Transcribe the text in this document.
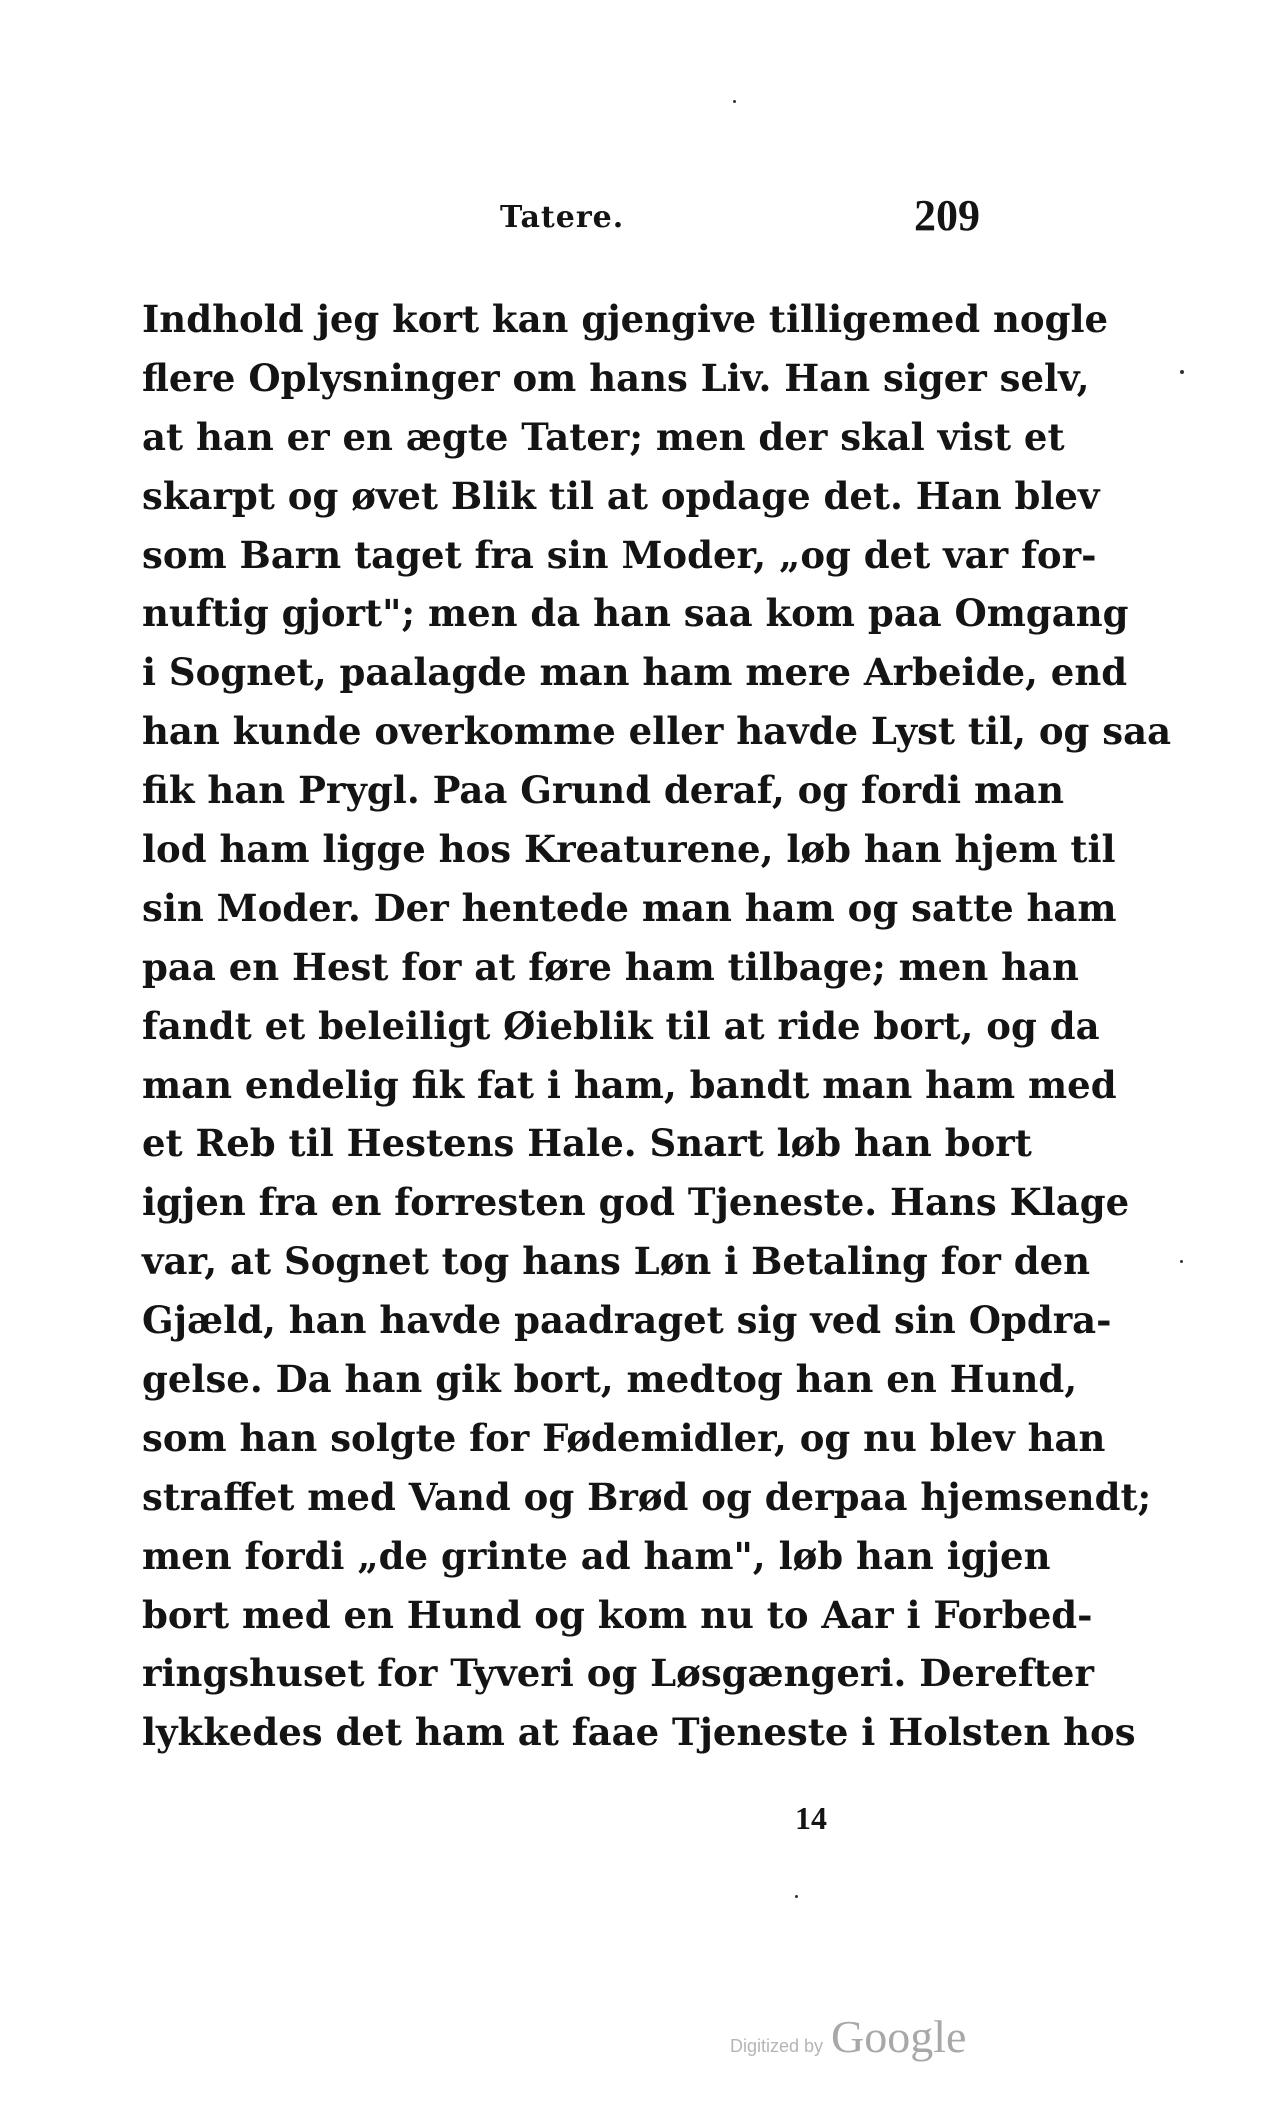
Tatere.	209
Indhold jeg kort kan gjengive tilligemed nogle
flere Oplysninger om hans Liv. Han siger selv,
at han er en ægte Tater; men der skal vist et
skarpt og øvet Blik til at opdage det. Han blev
som Barn taget fra sin Moder, „og det var for-
nuftig gjort"; men da han saa kom paa Omgang
i Sognet, paalagde man ham mere Arbeide, end
han kunde overkomme eller havde Lyst til, og saa
fik han Prygl. Paa Grund deraf, og fordi man
lod ham ligge hos Kreaturene, løb han hjem til
sin Moder. Der hentede man ham og satte ham
paa en Hest for at føre ham tilbage; men han
fandt et beleiligt Øieblik til at ride bort, og da
man endelig fik fat i ham, bandt man ham med
et Reb til Hestens Hale. Snart løb han bort
igjen fra en forresten god Tjeneste. Hans Klage
var, at Sognet tog hans Løn i Betaling for den
Gjæld, han havde paadraget sig ved sin Opdra-
gelse. Da han gik bort, medtog han en Hund,
som han solgte for Fødemidler, og nu blev han
straffet med Vand og Brød og derpaa hjemsendt;
men fordi „de grinte ad ham", løb han igjen
bort med en Hund og kom nu to Aar i Forbed-
ringshuset for Tyveri og Løsgængeri. Derefter
lykkedes det ham at faae Tjeneste i Holsten hos
14
Digitized by Google
